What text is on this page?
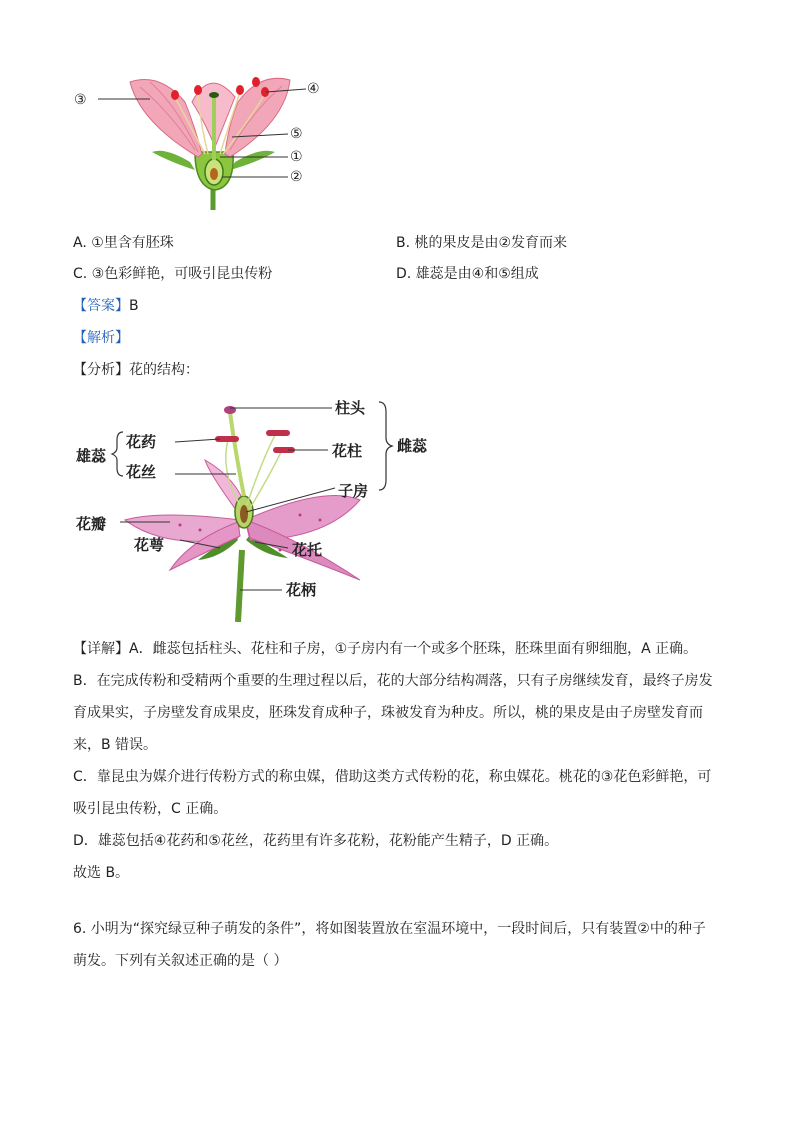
③
④
⑤
①
②
A. ①里含有胚珠	B. 桃的果皮是由②发育而来
C. ③色彩鲜艳，可吸引昆虫传粉	D. 雄蕊是由④和⑤组成
【答案】B
【解析】
【分析】花的结构：
柱头
花柱 雌蕊
子房
雄蕊
花药
花丝
花瓣
花萼	花托
花柄
【详解】A．雌蕊包括柱头、花柱和子房，①子房内有一个或多个胚珠，胚珠里面有卵细胞，A 正确。
B．在完成传粉和受精两个重要的生理过程以后，花的大部分结构凋落，只有子房继续发育，最终子房发
育成果实，子房壁发育成果皮，胚珠发育成种子，珠被发育为种皮。所以，桃的果皮是由子房壁发育而
来，B 错误。
C．靠昆虫为媒介进行传粉方式的称虫媒，借助这类方式传粉的花，称虫媒花。桃花的③花色彩鲜艳，可
吸引昆虫传粉，C 正确。
D．雄蕊包括④花药和⑤花丝，花药里有许多花粉，花粉能产生精子，D 正确。
故选 B。
6. 小明为“探究绿豆种子萌发的条件”，将如图装置放在室温环境中，一段时间后，只有装置②中的种子
萌发。下列有关叙述正确的是（ ）
